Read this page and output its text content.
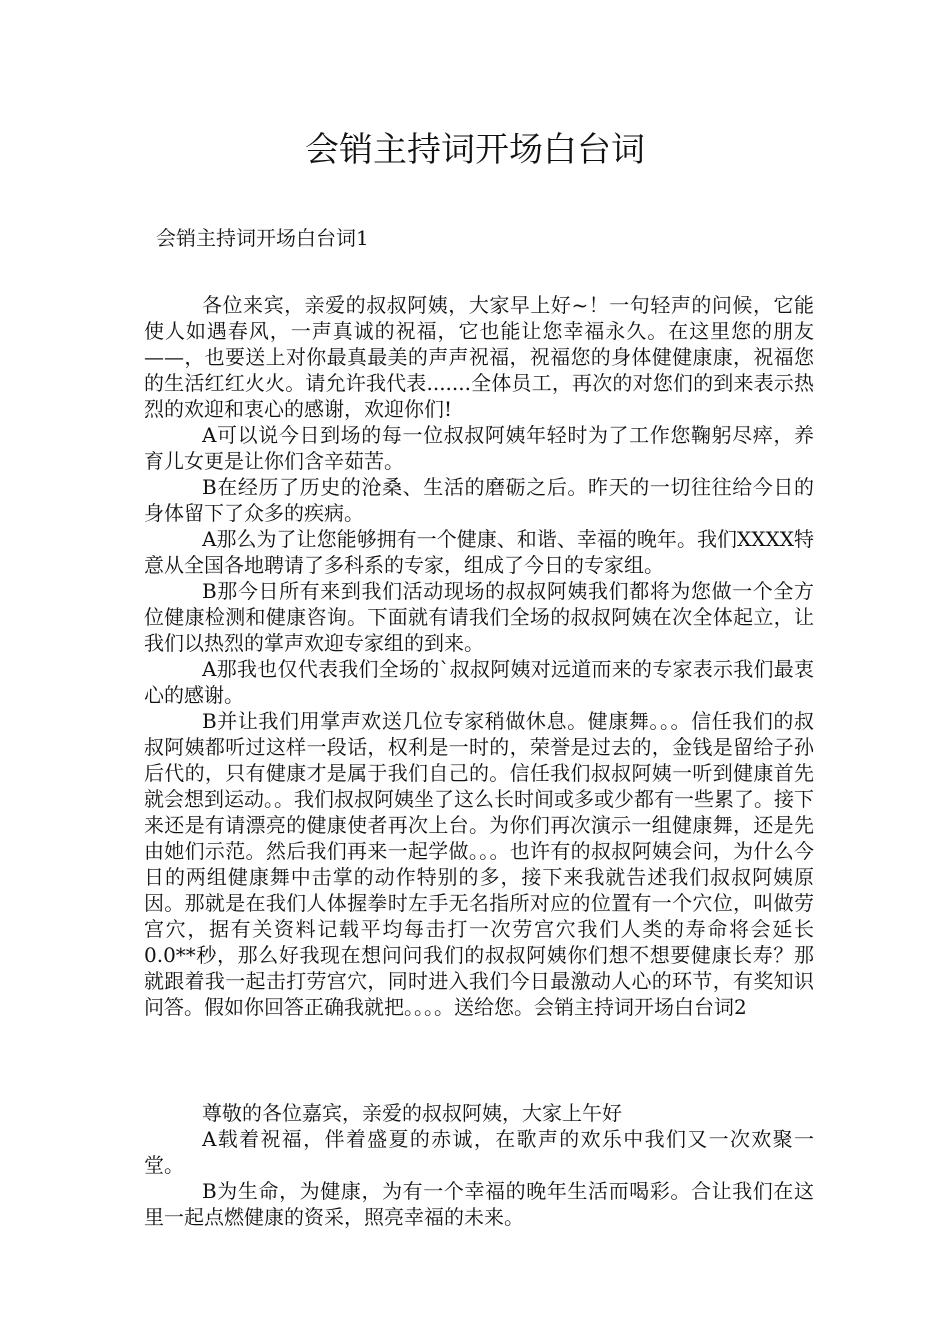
会销主持词开场白台词
会销主持词开场白台词1

各位来宾，亲爱的叔叔阿姨，大家早上好~！一句轻声的问候，它能使人如遇春风，一声真诚的祝福，它也能让您幸福永久。在这里您的朋友——，也要送上对你最真最美的声声祝福，祝福您的身体健健康康，祝福您的生活红红火火。请允许我代表.......全体员工，再次的对您们的到来表示热烈的欢迎和衷心的感谢，欢迎你们!

A可以说今日到场的每一位叔叔阿姨年轻时为了工作您鞠躬尽瘁，养育儿女更是让你们含辛茹苦。

B在经历了历史的沧桑、生活的磨砺之后。昨天的一切往往给今日的身体留下了众多的疾病。

A那么为了让您能够拥有一个健康、和谐、幸福的晚年。我们XXXX特意从全国各地聘请了多科系的专家，组成了今日的专家组。

B那今日所有来到我们活动现场的叔叔阿姨我们都将为您做一个全方位健康检测和健康咨询。下面就有请我们全场的叔叔阿姨在次全体起立，让我们以热烈的掌声欢迎专家组的到来。

A那我也仅代表我们全场的`叔叔阿姨对远道而来的专家表示我们最衷心的感谢。

B并让我们用掌声欢送几位专家稍做休息。健康舞。。。信任我们的叔叔阿姨都听过这样一段话，权利是一时的，荣誉是过去的，金钱是留给子孙后代的，只有健康才是属于我们自己的。信任我们叔叔阿姨一听到健康首先就会想到运动。。我们叔叔阿姨坐了这么长时间或多或少都有一些累了。接下来还是有请漂亮的健康使者再次上台。为你们再次演示一组健康舞，还是先由她们示范。然后我们再来一起学做。。。也许有的叔叔阿姨会问，为什么今日的两组健康舞中击掌的动作特别的多，接下来我就告述我们叔叔阿姨原因。那就是在我们人体握拳时左手无名指所对应的位置有一个穴位，叫做劳宫穴，据有关资料记载平均每击打一次劳宫穴我们人类的寿命将会延长0.0**秒，那么好我现在想问问我们的叔叔阿姨你们想不想要健康长寿？那就跟着我一起击打劳宫穴，同时进入我们今日最激动人心的环节，有奖知识问答。假如你回答正确我就把。。。。送给您。会销主持词开场白台词2

尊敬的各位嘉宾，亲爱的叔叔阿姨，大家上午好

A载着祝福，伴着盛夏的赤诚，在歌声的欢乐中我们又一次欢聚一堂。

B为生命，为健康，为有一个幸福的晚年生活而喝彩。合让我们在这里一起点燃健康的资采，照亮幸福的未来。
